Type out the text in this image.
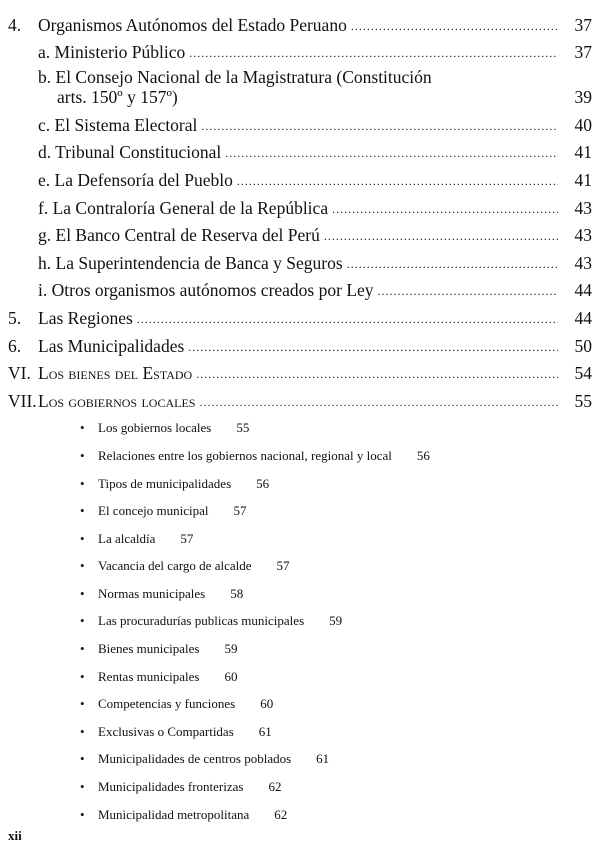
4. Organismos Autónomos del Estado Peruano .....	37
a. Ministerio Público .....	37
b. El Consejo Nacional de la Magistratura (Constitución
arts. 150º y 157º)	39
c. El Sistema Electoral .....	40
d. Tribunal Constitucional .....	41
e. La Defensoría del Pueblo .....	41
f. La Contraloría General de la República .....	43
g. El Banco Central de Reserva del Perú .....	43
h. La Superintendencia de Banca y Seguros .....	43
i. Otros organismos autónomos creados por Ley .....	44
5. Las Regiones .....	44
6. Las Municipalidades .....	50
VI. Los bienes del Estado .....	54
VII. Los gobiernos locales .....	55
•	Los gobiernos locales	55
•	Relaciones entre los gobiernos nacional, regional y local	56
•	Tipos de municipalidades	56
•	El concejo municipal	57
•	La alcaldía	57
•	Vacancia del cargo de alcalde	57
•	Normas municipales	58
•	Las procuradurías publicas municipales	59
•	Bienes municipales	59
•	Rentas municipales	60
•	Competencias y funciones	60
•	Exclusivas o Compartidas	61
•	Municipalidades de centros poblados	61
•	Municipalidades fronterizas	62
•	Municipalidad metropolitana	62
xii
